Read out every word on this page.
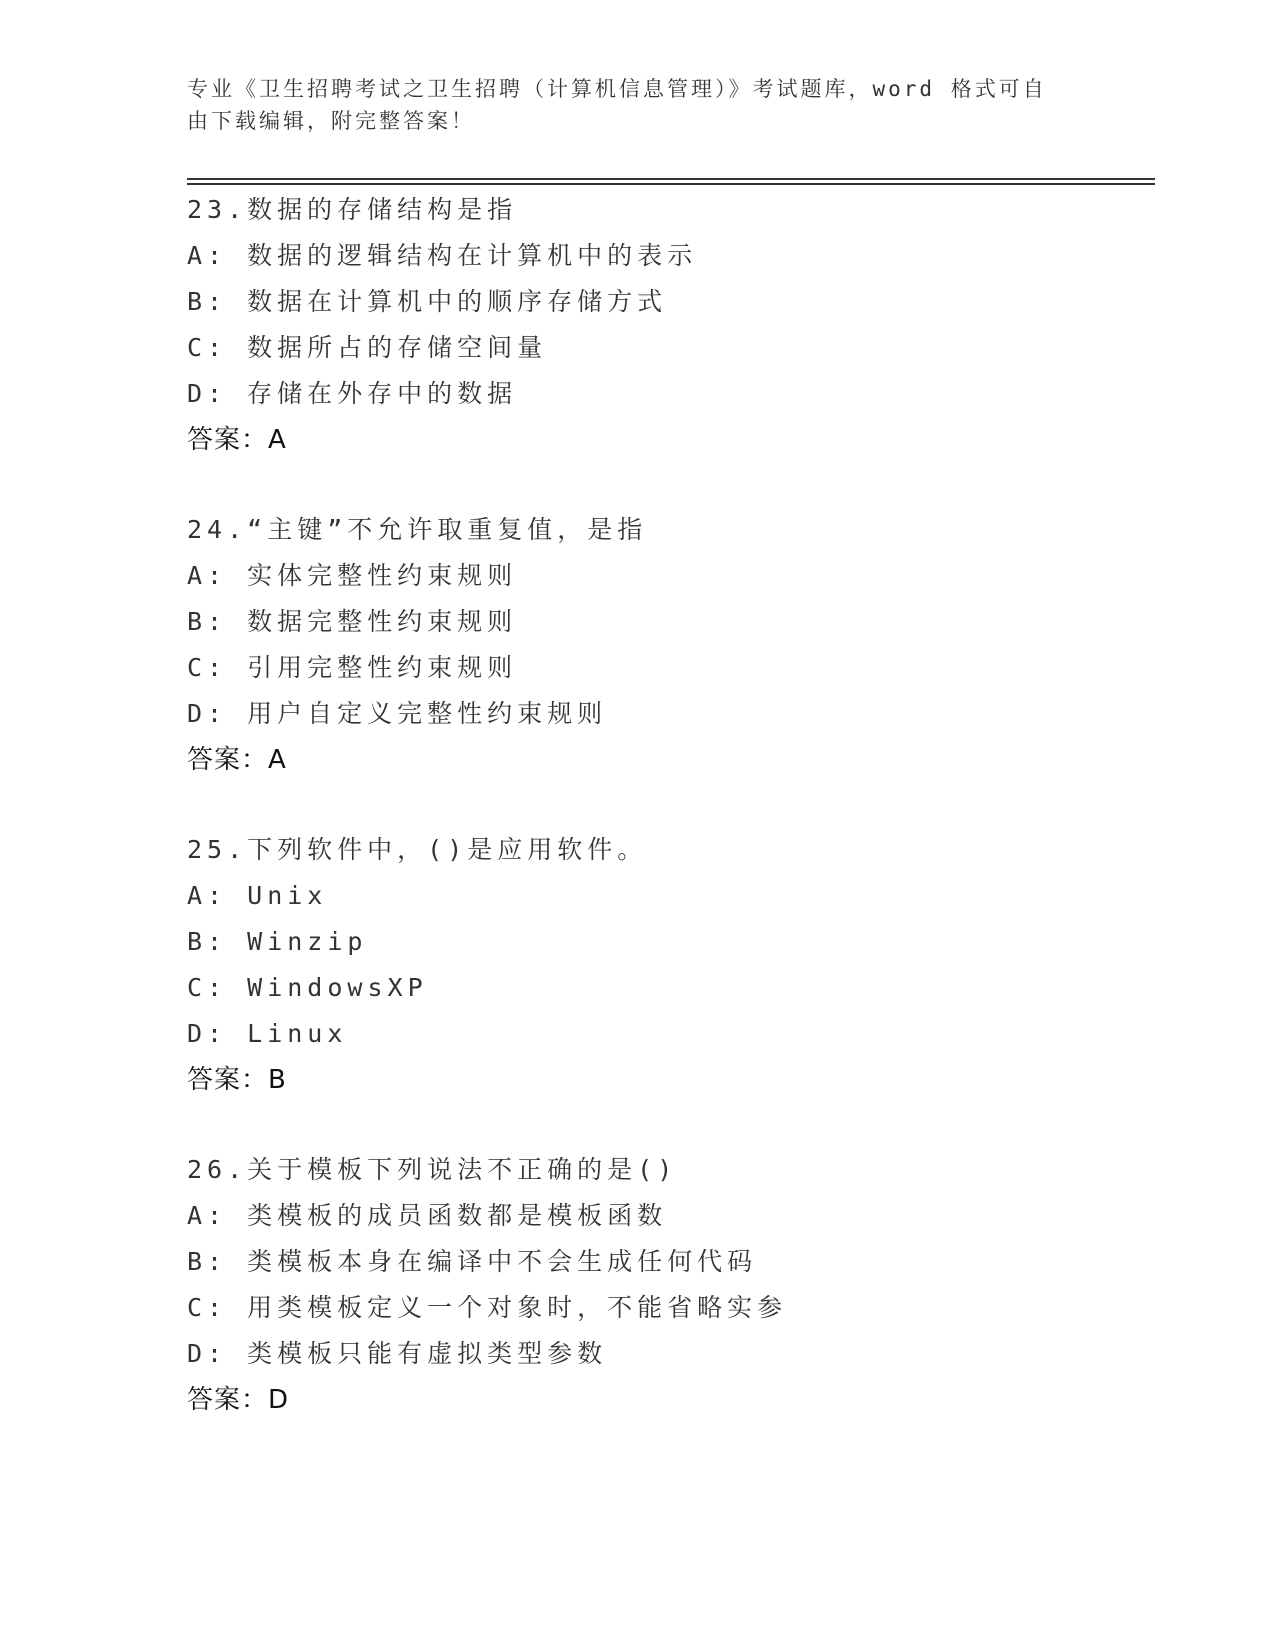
专业《卫生招聘考试之卫生招聘（计算机信息管理）》考试题库，word 格式可自
由下载编辑，附完整答案！
23.数据的存储结构是指
A: 数据的逻辑结构在计算机中的表示
B: 数据在计算机中的顺序存储方式
C: 数据所占的存储空间量
D: 存储在外存中的数据
答案：A
24.“主键”不允许取重复值，是指
A: 实体完整性约束规则
B: 数据完整性约束规则
C: 引用完整性约束规则
D: 用户自定义完整性约束规则
答案：A
25.下列软件中，()是应用软件。
A: Unix
B: Winzip
C: WindowsXP
D: Linux
答案：B
26.关于模板下列说法不正确的是()
A: 类模板的成员函数都是模板函数
B: 类模板本身在编译中不会生成任何代码
C: 用类模板定义一个对象时，不能省略实参
D: 类模板只能有虚拟类型参数
答案：D
